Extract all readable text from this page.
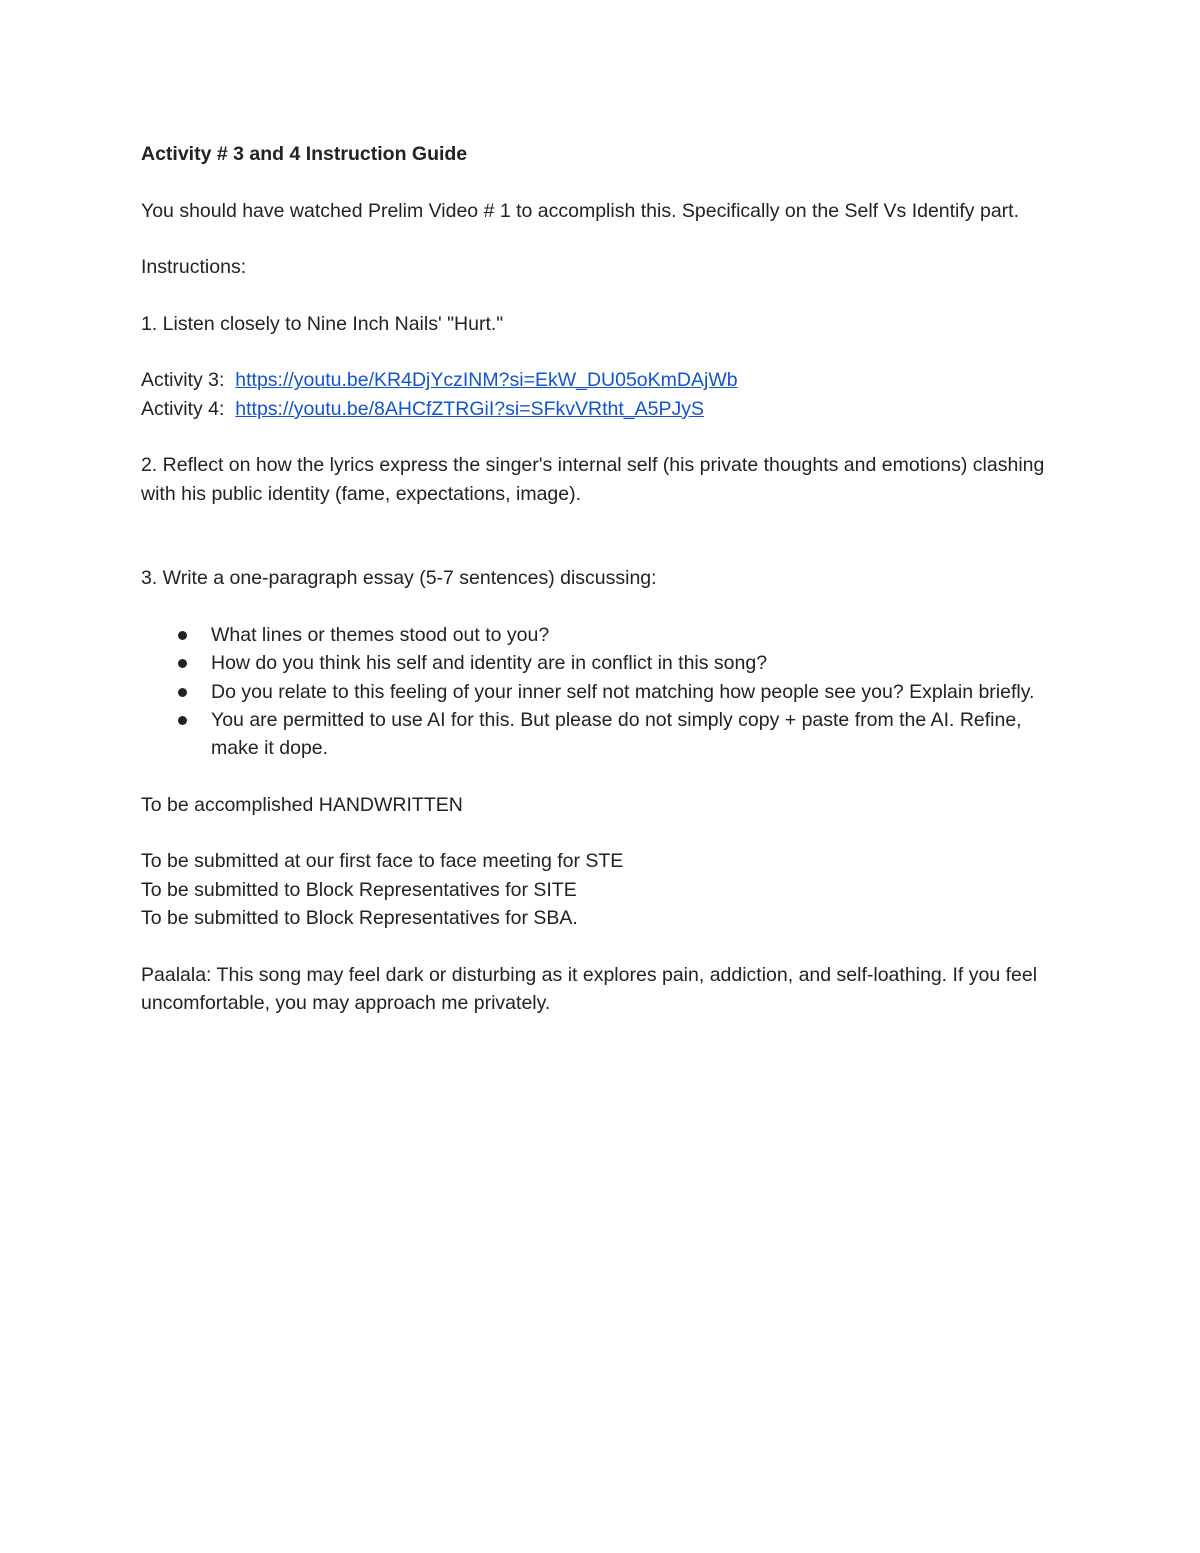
Activity # 3 and 4 Instruction Guide

You should have watched Prelim Video # 1 to accomplish this. Specifically on the Self Vs Identify part.

Instructions:

1. Listen closely to Nine Inch Nails' "Hurt."

Activity 3: https://youtu.be/KR4DjYczINM?si=EkW_DU05oKmDAjWb

Activity 4: https://youtu.be/8AHCfZTRGiI?si=SFkvVRtht_A5PJyS

2. Reflect on how the lyrics express the singer's internal self (his private thoughts and emotions) clashing with his public identity (fame, expectations, image).

3. Write a one-paragraph essay (5-7 sentences) discussing:

What lines or themes stood out to you?
How do you think his self and identity are in conflict in this song?
Do you relate to this feeling of your inner self not matching how people see you? Explain briefly.
You are permitted to use AI for this. But please do not simply copy + paste from the AI. Refine, make it dope.

To be accomplished HANDWRITTEN

To be submitted at our first face to face meeting for STE

To be submitted to Block Representatives for SITE

To be submitted to Block Representatives for SBA.

Paalala: This song may feel dark or disturbing as it explores pain, addiction, and self-loathing. If you feel uncomfortable, you may approach me privately.
